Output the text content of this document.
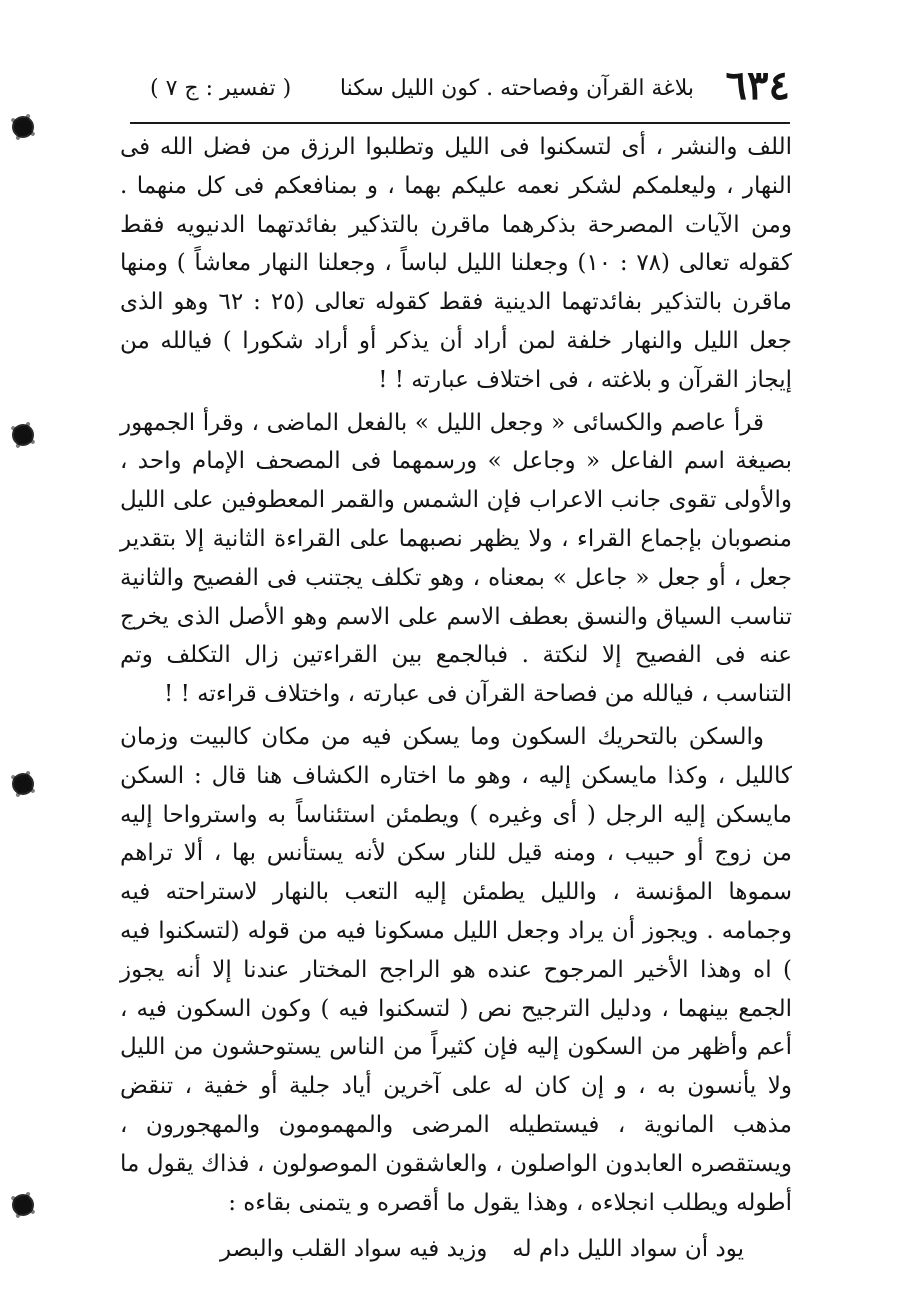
٦٣٤
بلاغة القرآن وفصاحته . كون الليل سكنا
( تفسير : ج ٧ )

اللف والنشر ، أى لتسكنوا فى الليل وتطلبوا الرزق من فضل الله فى النهار ، وليعلمكم لشكر نعمه عليكم بهما ، و بمنافعكم فى كل منهما . ومن الآيات المصرحة بذكرهما ماقرن بالتذكير بفائدتهما الدنيويه فقط كقوله تعالى (٧٨ : ١٠) وجعلنا الليل لباساً ، وجعلنا النهار معاشاً ) ومنها ماقرن بالتذكير بفائدتهما الدينية فقط كقوله تعالى (٢٥ : ٦٢ وهو الذى جعل الليل والنهار خلفة لمن أراد أن يذكر أو أراد شكورا ) فيالله من إيجاز القرآن و بلاغته ، فى اختلاف عبارته ! !

قرأ عاصم والكسائى « وجعل الليل » بالفعل الماضى ، وقرأ الجمهور بصيغة اسم الفاعل « وجاعل » ورسمهما فى المصحف الإمام واحد ، والأولى تقوى جانب الاعراب فإن الشمس والقمر المعطوفين على الليل منصوبان بإجماع القراء ، ولا يظهر نصبهما على القراءة الثانية إلا بتقدير جعل ، أو جعل « جاعل » بمعناه ، وهو تكلف يجتنب فى الفصيح والثانية تناسب السياق والنسق بعطف الاسم على الاسم وهو الأصل الذى يخرج عنه فى الفصيح إلا لنكتة . فبالجمع بين القراءتين زال التكلف وتم التناسب ، فيالله من فصاحة القرآن فى عبارته ، واختلاف قراءته ! !

والسكن بالتحريك السكون وما يسكن فيه من مكان كالبيت وزمان كالليل ، وكذا مايسكن إليه ، وهو ما اختاره الكشاف هنا قال : السكن مايسكن إليه الرجل ( أى وغيره ) ويطمئن استئناساً به واسترواحا إليه من زوج أو حبيب ، ومنه قيل للنار سكن لأنه يستأنس بها ، ألا تراهم سموها المؤنسة ، والليل يطمئن إليه التعب بالنهار لاستراحته فيه وجمامه . ويجوز أن يراد وجعل الليل مسكونا فيه من قوله (لتسكنوا فيه ) اه وهذا الأخير المرجوح عنده هو الراجح المختار عندنا إلا أنه يجوز الجمع بينهما ، ودليل الترجيح نص ( لتسكنوا فيه ) وكون السكون فيه ، أعم وأظهر من السكون إليه فإن كثيراً من الناس يستوحشون من الليل ولا يأنسون به ، و إن كان له على آخرين أياد جلية أو خفية ، تنقض مذهب المانوية ، فيستطيله المرضى والمهمومون والمهجورون ، ويستقصره العابدون الواصلون ، والعاشقون الموصولون ، فذاك يقول ما أطوله ويطلب انجلاءه ، وهذا يقول ما أقصره و يتمنى بقاءه :

يود أن سواد الليل دام له
وزيد فيه سواد القلب والبصر
